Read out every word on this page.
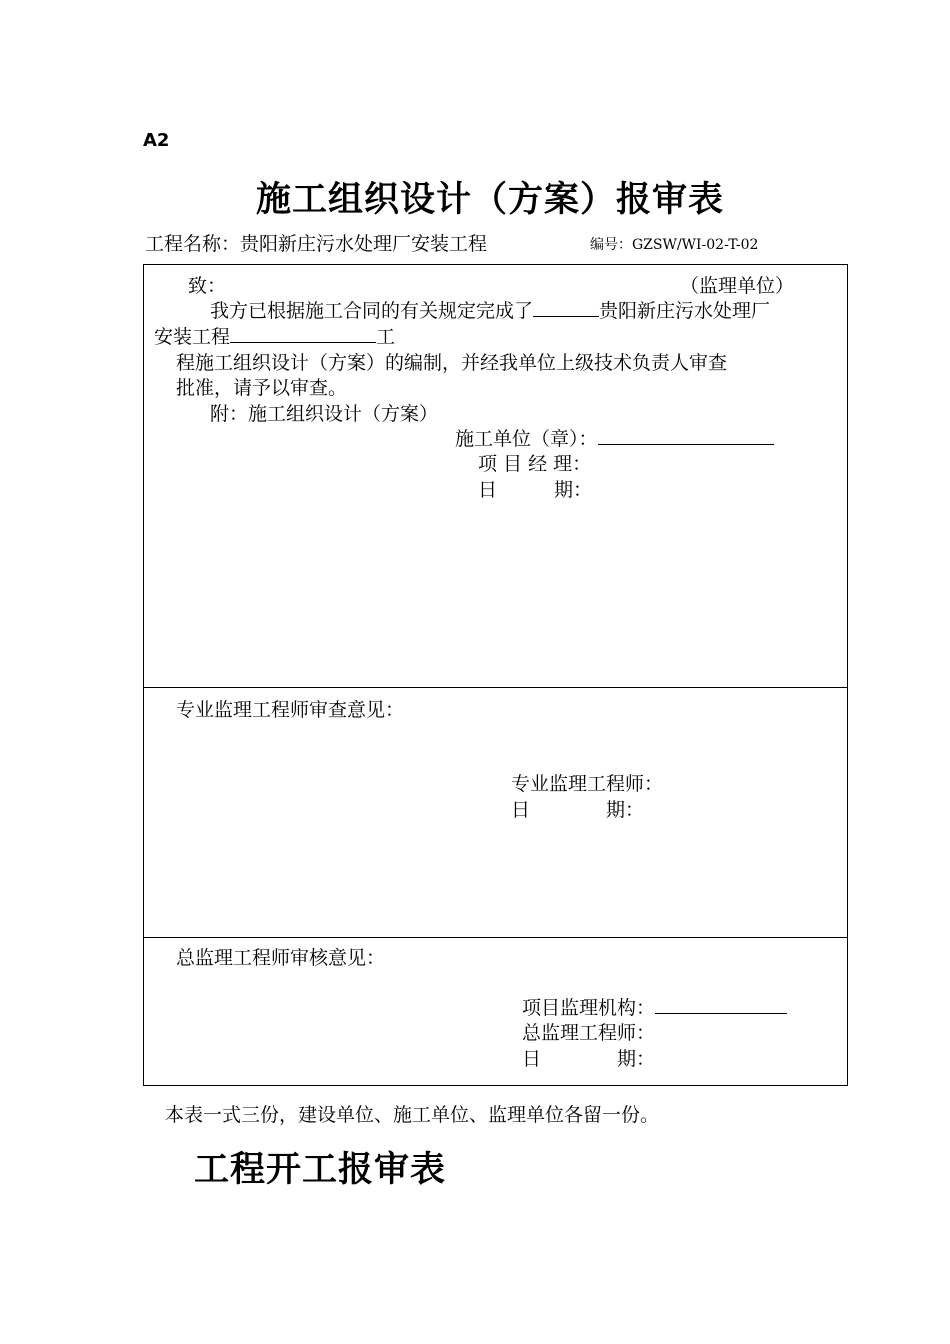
A2
施工组织设计（方案）报审表
工程名称：贵阳新庄污水处理厂安装工程	编号：GZSW/WI-02-T-02
致：	（监理单位）
我方已根据施工合同的有关规定完成了	贵阳新庄污水处理厂
安装工程	工
程施工组织设计（方案）的编制，并经我单位上级技术负责人审查
批准，请予以审查。
附：施工组织设计（方案）
施工单位（章）：
项 目 经 理：
日　　　期：
专业监理工程师审查意见：
专业监理工程师：
日　　　　期：
总监理工程师审核意见：
项目监理机构：
总监理工程师：
日　　　　期：
本表一式三份，建设单位、施工单位、监理单位各留一份。
工程开工报审表
